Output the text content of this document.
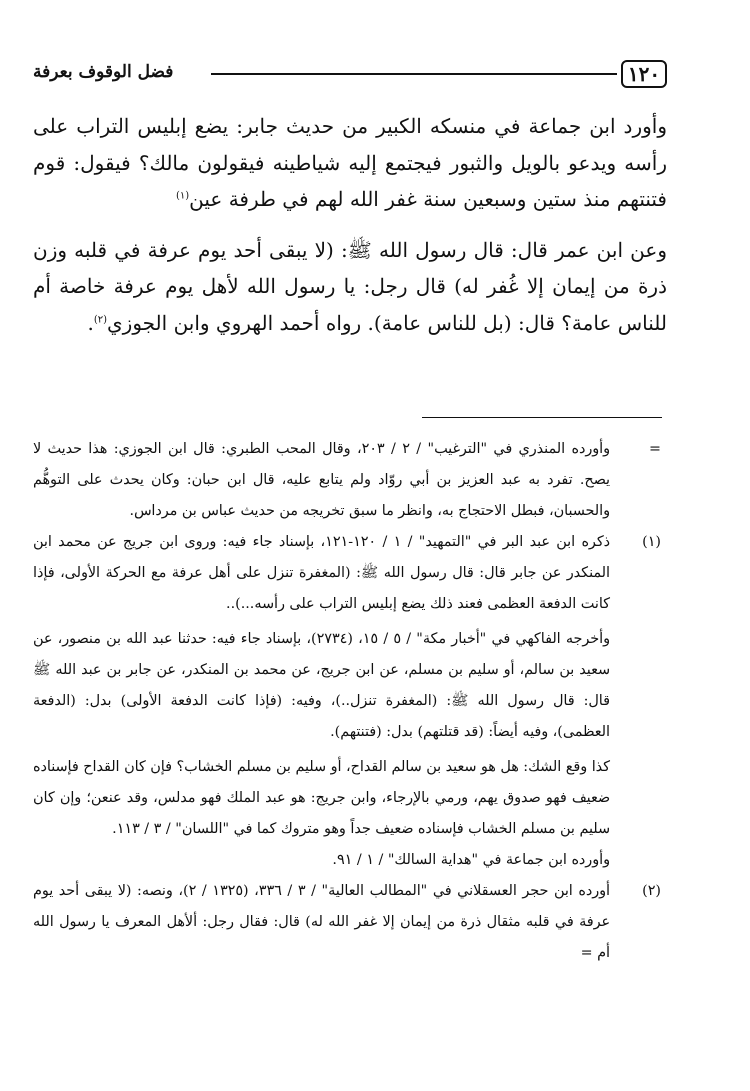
١٢٠
فضل الوقوف بعرفة

وأورد ابن جماعة في منسكه الكبير من حديث جابر: يضع إبليس التراب على رأسه ويدعو بالويل والثبور فيجتمع إليه شياطينه فيقولون مالك؟ فيقول: قوم فتنتهم منذ ستين وسبعين سنة غفر الله لهم في طرفة عين$^{(١)}$

وعن ابن عمر قال: قال رسول الله ﷺ: (لا يبقى أحد يوم عرفة في قلبه وزن ذرة من إيمان إلا غُفر له) قال رجل: يا رسول الله لأهل يوم عرفة خاصة أم للناس عامة؟ قال: (بل للناس عامة). رواه أحمد الهروي وابن الجوزي$^{(٢)}$.

=
وأورده المنذري في "الترغيب" / ٢ / ٢٠٣، وقال المحب الطبري: قال ابن الجوزي: هذا حديث لا يصح. تفرد به عبد العزيز بن أبي روّاد ولم يتابع عليه، قال ابن حبان: وكان يحدث على التوهُّم والحسبان، فبطل الاحتجاج به، وانظر ما سبق تخريجه من حديث عباس بن مرداس.
(١)
ذكره ابن عبد البر في "التمهيد" / ١ / ١٢٠-١٢١، بإسناد جاء فيه: وروى ابن جريج عن محمد ابن المنكدر عن جابر قال: قال رسول الله ﷺ: (المغفرة تنزل على أهل عرفة مع الحركة الأولى، فإذا كانت الدفعة العظمى فعند ذلك يضع إبليس التراب على رأسه...)..
وأخرجه الفاكهي في "أخبار مكة" / ٥ / ١٥، (٢٧٣٤)، بإسناد جاء فيه: حدثنا عبد الله بن منصور، عن سعيد بن سالم، أو سليم بن مسلم، عن ابن جريج، عن محمد بن المنكدر، عن جابر بن عبد الله ﷺ قال: قال رسول الله ﷺ: (المغفرة تنزل..)، وفيه: (فإذا كانت الدفعة الأولى) بدل: (الدفعة العظمى)، وفيه أيضاً: (قد قتلتهم) بدل: (فتنتهم).
كذا وقع الشك: هل هو سعيد بن سالم القداح، أو سليم بن مسلم الخشاب؟ فإن كان القداح فإسناده ضعيف فهو صدوق يهم، ورمي بالإرجاء، وابن جريج: هو عبد الملك فهو مدلس، وقد عنعن؛ وإن كان سليم بن مسلم الخشاب فإسناده ضعيف جداً وهو متروك كما في "اللسان" / ٣ / ١١٣.
وأورده ابن جماعة في "هداية السالك" / ١ / ٩١.
(٢)
أورده ابن حجر العسقلاني في "المطالب العالية" / ٣ / ٣٣٦، (١٣٢٥ / ٢)، ونصه: (لا يبقى أحد يوم عرفة في قلبه مثقال ذرة من إيمان إلا غفر الله له) قال: فقال رجل: ألأهل المعرف يا رسول الله أم =
